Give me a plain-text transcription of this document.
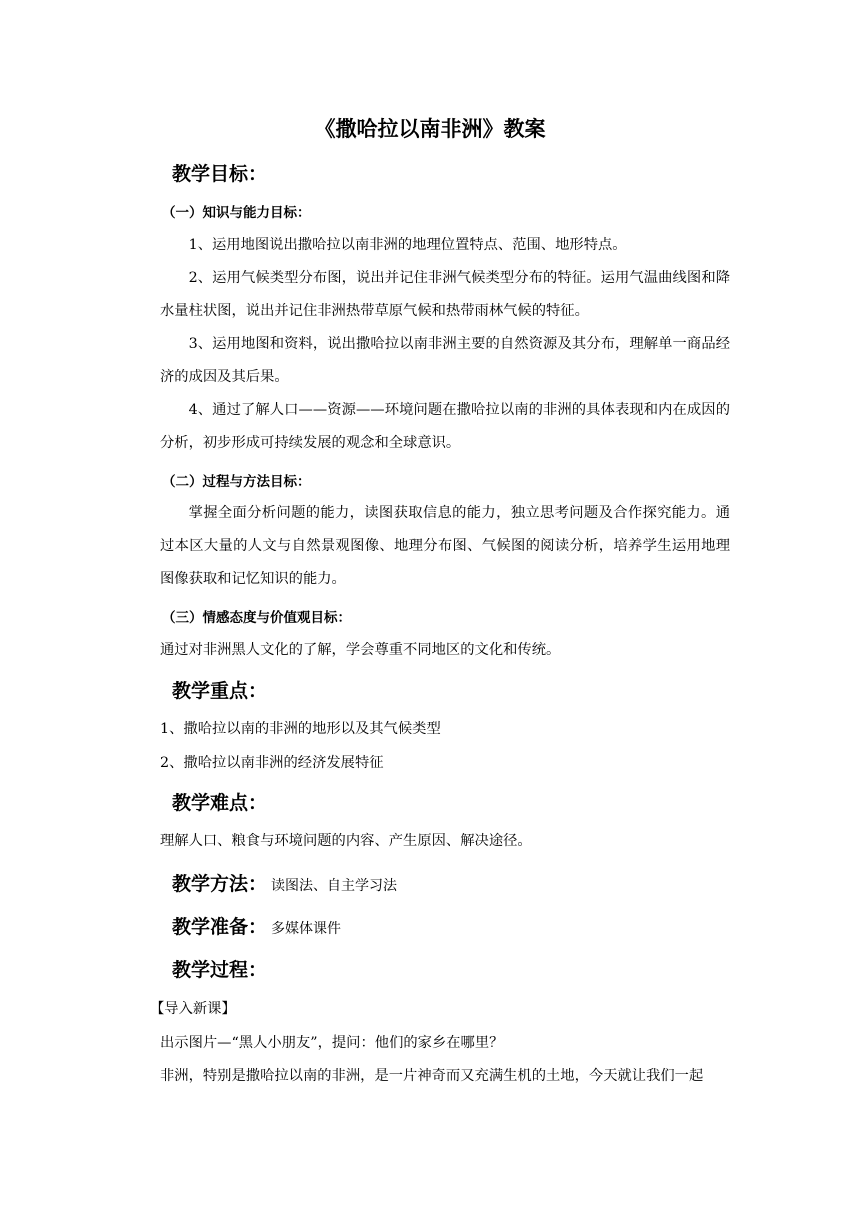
《撒哈拉以南非洲》教案
教学目标：
（一）知识与能力目标：
1、运用地图说出撒哈拉以南非洲的地理位置特点、范围、地形特点。
2、运用气候类型分布图，说出并记住非洲气候类型分布的特征。运用气温曲线图和降水量柱状图，说出并记住非洲热带草原气候和热带雨林气候的特征。
3、运用地图和资料，说出撒哈拉以南非洲主要的自然资源及其分布，理解单一商品经济的成因及其后果。
4、通过了解人口——资源——环境问题在撒哈拉以南的非洲的具体表现和内在成因的分析，初步形成可持续发展的观念和全球意识。
（二）过程与方法目标：
掌握全面分析问题的能力，读图获取信息的能力，独立思考问题及合作探究能力。通过本区大量的人文与自然景观图像、地理分布图、气候图的阅读分析，培养学生运用地理图像获取和记忆知识的能力。
（三）情感态度与价值观目标：
通过对非洲黑人文化的了解，学会尊重不同地区的文化和传统。
教学重点：
1、撒哈拉以南的非洲的地形以及其气候类型
2、撒哈拉以南非洲的经济发展特征
教学难点：
理解人口、粮食与环境问题的内容、产生原因、解决途径。
教学方法： 读图法、自主学习法
教学准备： 多媒体课件
教学过程：
【导入新课】
出示图片—“黑人小朋友”，提问：他们的家乡在哪里？
非洲，特别是撒哈拉以南的非洲，是一片神奇而又充满生机的土地，今天就让我们一起
